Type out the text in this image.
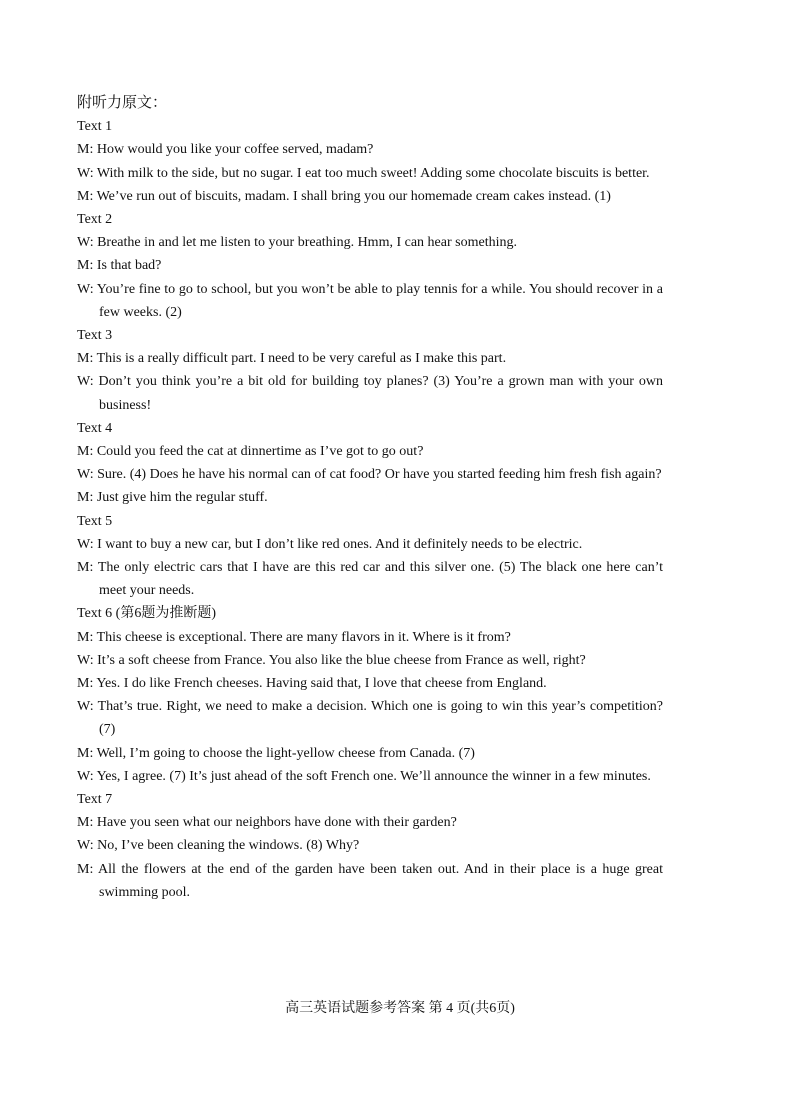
附听力原文：
Text 1
M: How would you like your coffee served, madam?
W: With milk to the side, but no sugar. I eat too much sweet! Adding some chocolate biscuits is better.
M: We’ve run out of biscuits, madam. I shall bring you our homemade cream cakes instead. (1)
Text 2
W: Breathe in and let me listen to your breathing. Hmm, I can hear something.
M: Is that bad?
W: You’re fine to go to school, but you won’t be able to play tennis for a while. You should recover in a few weeks. (2)
Text 3
M: This is a really difficult part. I need to be very careful as I make this part.
W: Don’t you think you’re a bit old for building toy planes? (3) You’re a grown man with your own business!
Text 4
M: Could you feed the cat at dinnertime as I’ve got to go out?
W: Sure. (4) Does he have his normal can of cat food? Or have you started feeding him fresh fish again?
M: Just give him the regular stuff.
Text 5
W: I want to buy a new car, but I don’t like red ones. And it definitely needs to be electric.
M: The only electric cars that I have are this red car and this silver one. (5) The black one here can’t meet your needs.
Text 6 (第6题为推断题)
M: This cheese is exceptional. There are many flavors in it. Where is it from?
W: It’s a soft cheese from France. You also like the blue cheese from France as well, right?
M: Yes. I do like French cheeses. Having said that, I love that cheese from England.
W: That’s true. Right, we need to make a decision. Which one is going to win this year’s competition? (7)
M: Well, I’m going to choose the light-yellow cheese from Canada. (7)
W: Yes, I agree. (7) It’s just ahead of the soft French one. We’ll announce the winner in a few minutes.
Text 7
M: Have you seen what our neighbors have done with their garden?
W: No, I’ve been cleaning the windows. (8) Why?
M: All the flowers at the end of the garden have been taken out. And in their place is a huge great swimming pool.
高三英语试题参考答案 第 4 页(共6页)
